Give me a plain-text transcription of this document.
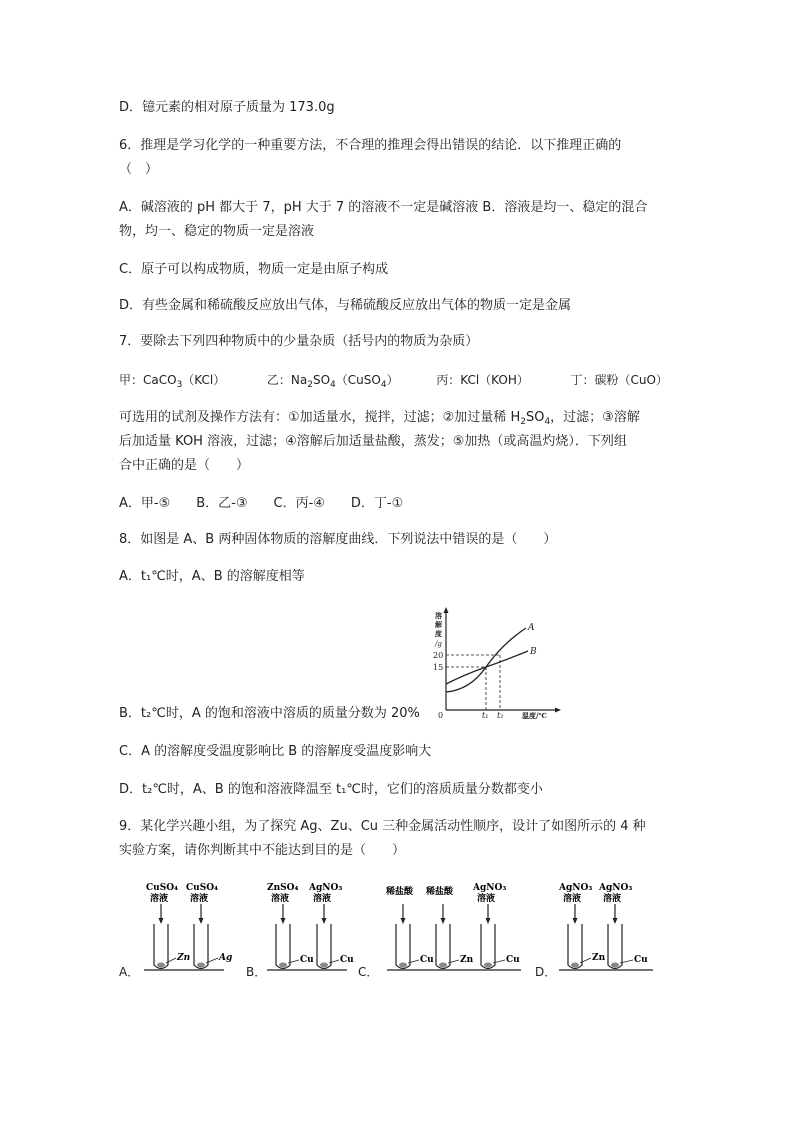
D．镱元素的相对原子质量为 173.0g
6．推理是学习化学的一种重要方法，不合理的推理会得出错误的结论．以下推理正确的
（　）
A．碱溶液的 pH 都大于 7，pH 大于 7 的溶液不一定是碱溶液 B．溶液是均一、稳定的混合
物，均一、稳定的物质一定是溶液
C．原子可以构成物质，物质一定是由原子构成
D．有些金属和稀硫酸反应放出气体，与稀硫酸反应放出气体的物质一定是金属
7．要除去下列四种物质中的少量杂质（括号内的物质为杂质）
甲：CaCO$_3$（KCl）	乙：$Na_2SO_4(CuSO_4)$	丙：KCl（KOH）	丁：碳粉（CuO）
可选用的试剂及操作方法有：①加适量水，搅拌，过滤；②加过量稀 $H_2SO_4$，过滤；③溶解
后加适量 KOH 溶液，过滤；④溶解后加适量盐酸，蒸发；⑤加热（或高温灼烧）．下列组
合中正确的是（　　）
A．甲-⑤　　B．乙-③　　C．丙-④　　D．丁-①
8．如图是 A、B 两种固体物质的溶解度曲线．下列说法中错误的是（　　）
A．t₁℃时，A、B 的溶解度相等
B．t₂℃时，A 的饱和溶液中溶质的质量分数为 20%
C．A 的溶解度受温度影响比 B 的溶解度受温度影响大
D．t₂℃时，A、B 的饱和溶液降温至 t₁℃时，它们的溶质质量分数都变小
溶
解
度
/g
20
15
0
A
B
t₁ t₂	温度/℃
9．某化学兴趣小组，为了探究 Ag、Zu、Cu 三种金属活动性顺序，设计了如图所示的 4 种
实验方案，请你判断其中不能达到目的是（　　）
A．
CuSO₄
溶液
CuSO₄
溶液
Zn	Ag
B．
ZnSO₄
溶液
AgNO₃
溶液
Cu	Cu
C．
稀盐酸 稀盐酸 AgNO₃
溶液
Cu	Zn	Cu
D．
AgNO₃
溶液
AgNO₃
溶液
Zn	Cu
